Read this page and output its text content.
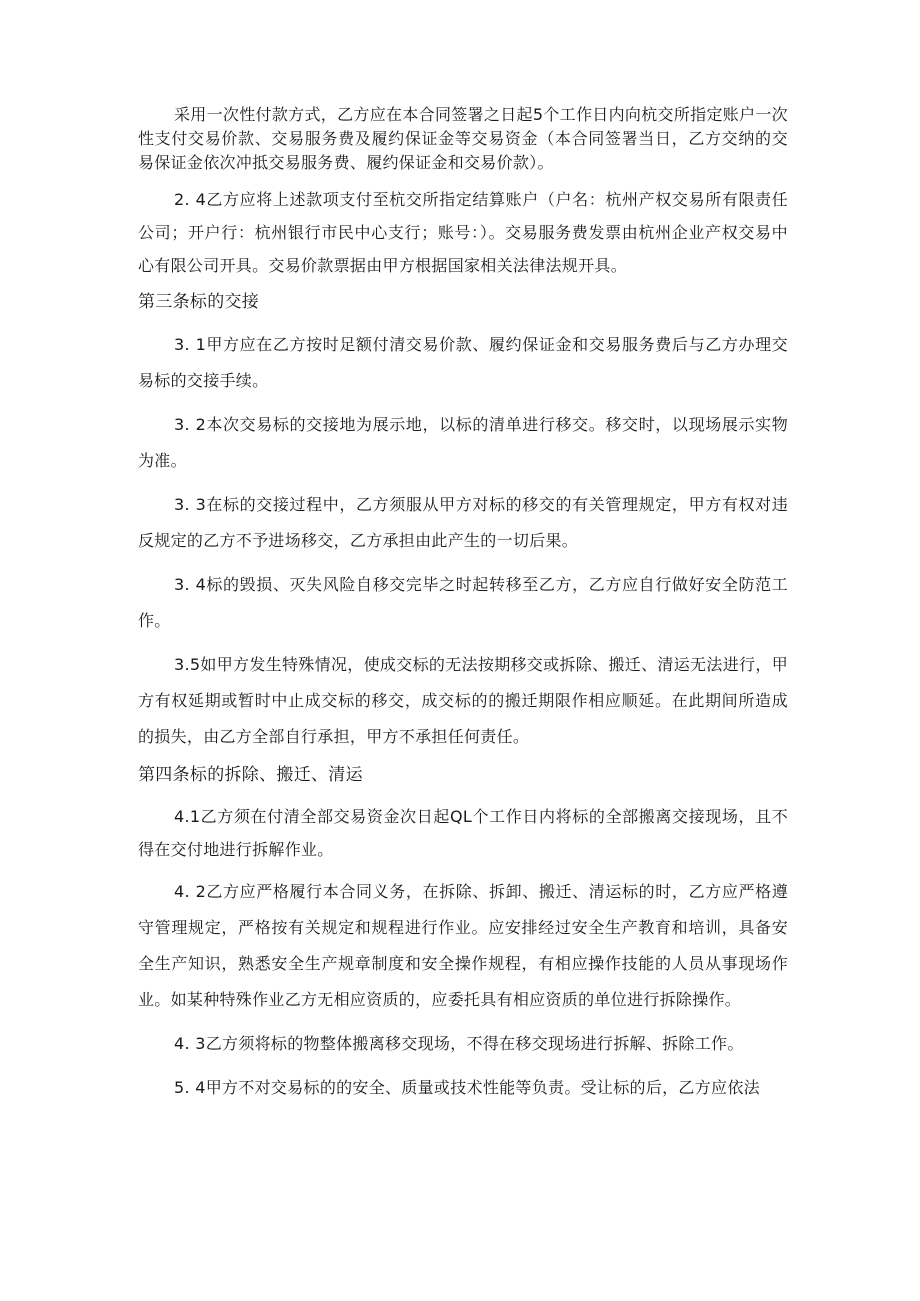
采用一次性付款方式，乙方应在本合同签署之日起5个工作日内向杭交所指定账户一次性支付交易价款、交易服务费及履约保证金等交易资金（本合同签署当日，乙方交纳的交易保证金依次冲抵交易服务费、履约保证金和交易价款）。

2. 4乙方应将上述款项支付至杭交所指定结算账户（户名：杭州产权交易所有限责任公司；开户行：杭州银行市民中心支行；账号：）。交易服务费发票由杭州企业产权交易中心有限公司开具。交易价款票据由甲方根据国家相关法律法规开具。

第三条标的交接

3. 1甲方应在乙方按时足额付清交易价款、履约保证金和交易服务费后与乙方办理交易标的交接手续。

3. 2本次交易标的交接地为展示地，以标的清单进行移交。移交时，以现场展示实物为准。

3. 3在标的交接过程中，乙方须服从甲方对标的移交的有关管理规定，甲方有权对违反规定的乙方不予进场移交，乙方承担由此产生的一切后果。

3. 4标的毁损、灭失风险自移交完毕之时起转移至乙方，乙方应自行做好安全防范工作。

3.5如甲方发生特殊情况，使成交标的无法按期移交或拆除、搬迁、清运无法进行，甲方有权延期或暂时中止成交标的移交，成交标的的搬迁期限作相应顺延。在此期间所造成的损失，由乙方全部自行承担，甲方不承担任何责任。

第四条标的拆除、搬迁、清运

4.1乙方须在付清全部交易资金次日起QL个工作日内将标的全部搬离交接现场，且不得在交付地进行拆解作业。

4. 2乙方应严格履行本合同义务，在拆除、拆卸、搬迁、清运标的时，乙方应严格遵守管理规定，严格按有关规定和规程进行作业。应安排经过安全生产教育和培训，具备安全生产知识，熟悉安全生产规章制度和安全操作规程，有相应操作技能的人员从事现场作业。如某种特殊作业乙方无相应资质的，应委托具有相应资质的单位进行拆除操作。

4. 3乙方须将标的物整体搬离移交现场，不得在移交现场进行拆解、拆除工作。

5. 4甲方不对交易标的的安全、质量或技术性能等负责。受让标的后，乙方应依法
